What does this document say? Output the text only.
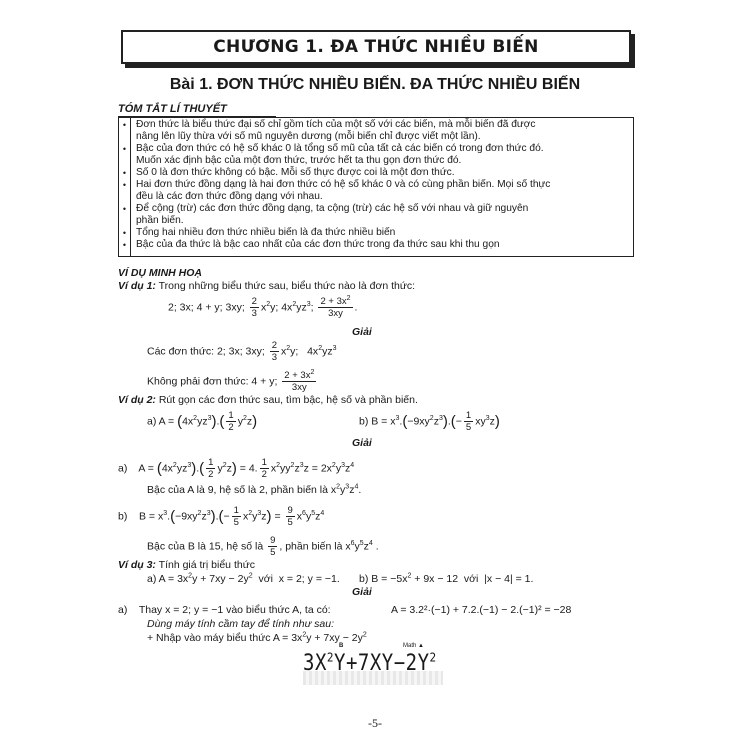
CHƯƠNG 1. ĐA THỨC NHIỀU BIẾN
Bài 1. ĐƠN THỨC NHIỀU BIẾN. ĐA THỨC NHIỀU BIẾN
TÓM TẮT LÍ THUYẾT
•
•
•
•
•
•
•
Đơn thức là biểu thức đại số chỉ gồm tích của một số với các biến, mà mỗi biến đã được
nâng lên lũy thừa với số mũ nguyên dương (mỗi biến chỉ được viết một lần).
Bậc của đơn thức có hệ số khác 0 là tổng số mũ của tất cả các biến có trong đơn thức đó.
Muốn xác định bậc của một đơn thức, trước hết ta thu gọn đơn thức đó.
Số 0 là đơn thức không có bậc. Mỗi số thực được coi là một đơn thức.
Hai đơn thức đồng dạng là hai đơn thức có hệ số khác 0 và có cùng phần biến. Mọi số thực
đều là các đơn thức đồng dạng với nhau.
Để cộng (trừ) các đơn thức đồng dạng, ta cộng (trừ) các hệ số với nhau và giữ nguyên
phần biến.
Tổng hai nhiều đơn thức nhiều biến là đa thức nhiều biến
Bậc của đa thức là bậc cao nhất của các đơn thức trong đa thức sau khi thu gọn
VÍ DỤ MINH HOẠ
Ví dụ 1: Trong những biểu thức sau, biểu thức nào là đơn thức:
2; 3x; 4 + y; 3xy; $\frac{2}{3} x^2y$; $4x^2yz^3$; $\frac{2 + 3x^2}{3xy}$ .
Giải
Các đơn thức: 2; 3x; 3xy; $\frac{2}{3} x^2y$;   $4x^2yz^3$
Không phải đơn thức: 4 + y; $\frac{2 + 3x^2}{3xy}$
Ví dụ 2: Rút gọn các đơn thức sau, tìm bậc, hệ số và phần biến.
a) $A = (4x^2yz^3).( \frac{1}{2} y^2z)$	b) $B = x^3.(-9xy^2z^3).(- \frac{1}{5} xy^3z)$
Giải
a)    $A = (4x^2yz^3).( \frac{1}{2} y^2z) = 4$. $\frac{1}{2} x^2yy^2z^3z = 2x^2y^3z^4$
Bậc của A là 9, hệ số là 2, phần biến là $x^2y^3z^4$.
b)    $B = x^3.(-9xy^2z^3).(- \frac{1}{5} x^2y^3z) = \frac{9}{5} x^6y^5z^4$
Bậc của B là 15, hệ số là $\frac{9}{5}$ , phần biến là $x^6y^5z^4$ .
Ví dụ 3: Tính giá trị biểu thức
a) $A = 3x^2y + 7xy - 2y^2$ với  x = 2; y = −1. b) $B = -5x^2 + 9x - 12$  với  |x − 4| = 1.
Giải
a) Thay x = 2; y = −1 vào biểu thức A, ta có:	A = 3.2²·(−1) + 7.2.(−1) − 2.(−1)² = −28
Dùng máy tính cầm tay để tính như sau:
+ Nhập vào máy biểu thức $A = 3x^2y + 7xy - 2y^2$
B	Math ▲
$3X^2Y+7XY-2Y^2$
-5-
